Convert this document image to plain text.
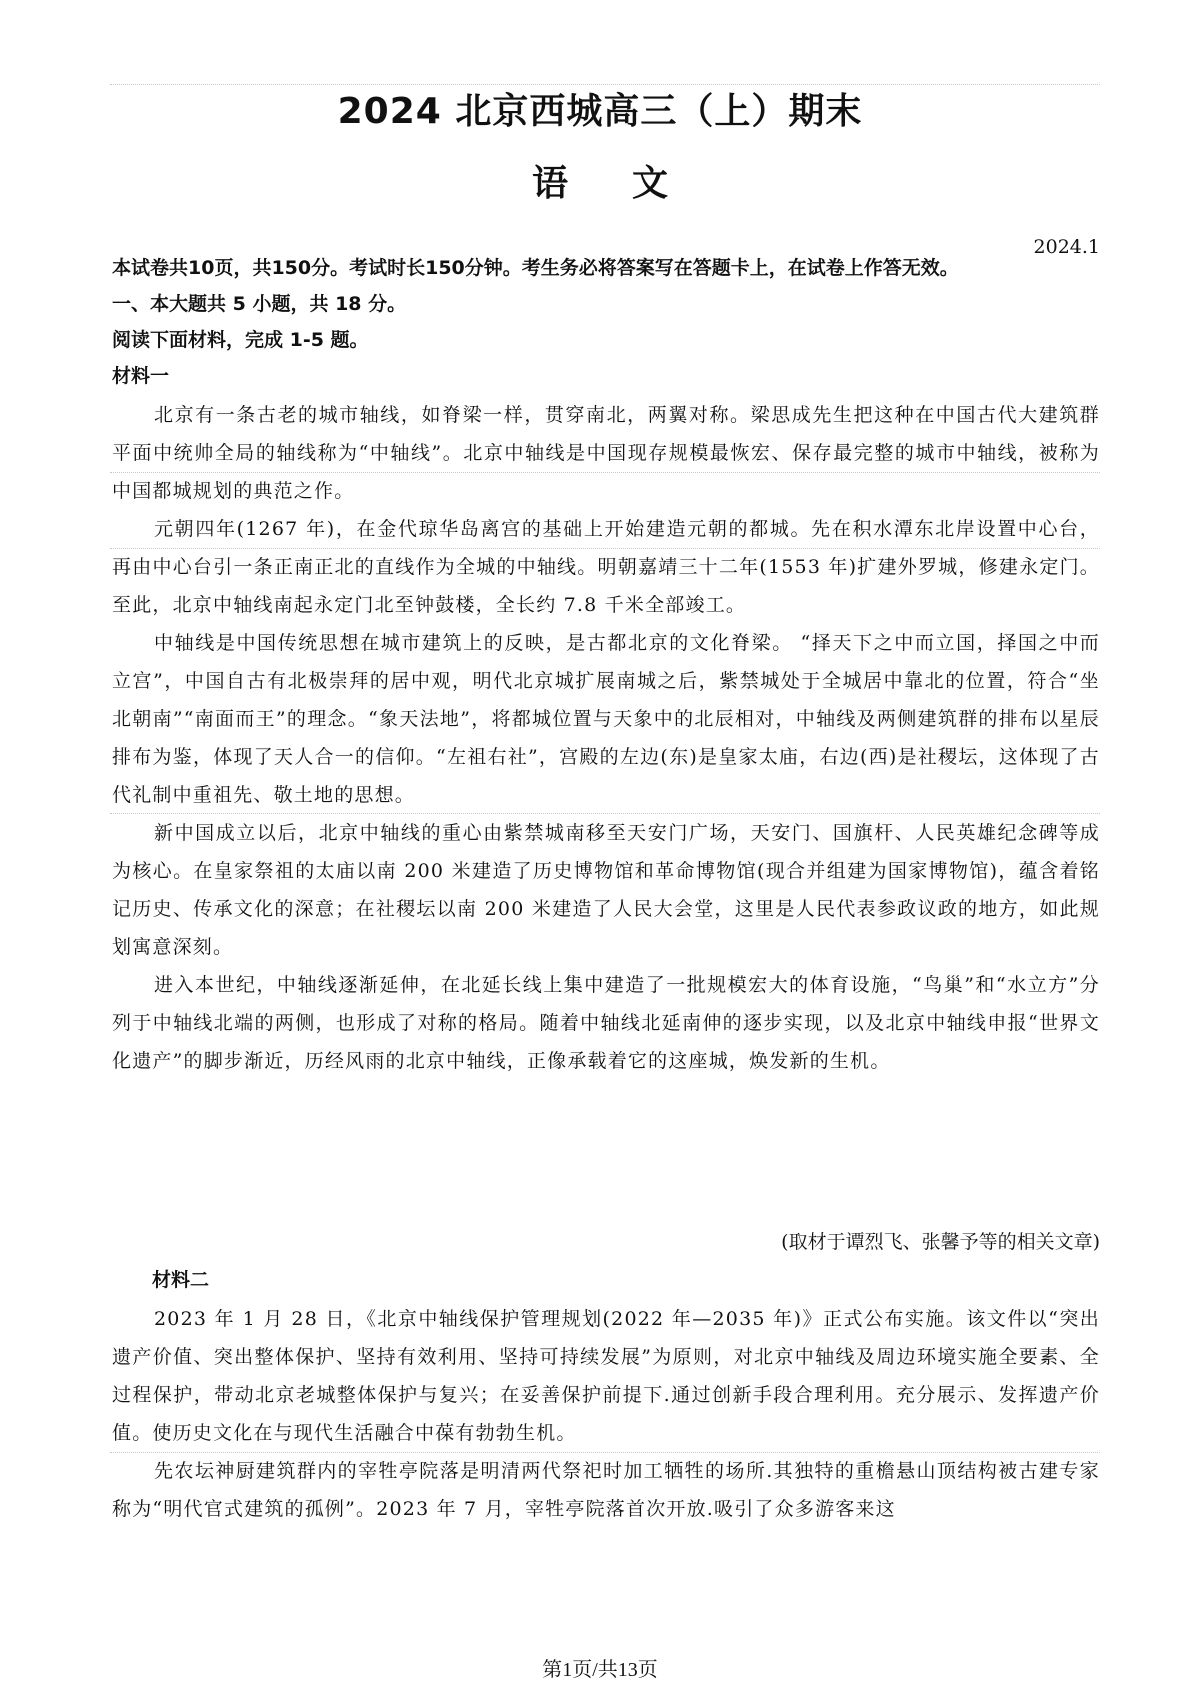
2024 北京西城高三（上）期末
语文
2024.1
本试卷共10页，共150分。考试时长150分钟。考生务必将答案写在答题卡上，在试卷上作答无效。
一、本大题共 5 小题，共 18 分。
阅读下面材料，完成 1-5 题。
材料一
北京有一条古老的城市轴线，如脊梁一样，贯穿南北，两翼对称。梁思成先生把这种在中国古代大建筑群平面中统帅全局的轴线称为“中轴线”。北京中轴线是中国现存规模最恢宏、保存最完整的城市中轴线，被称为中国都城规划的典范之作。
元朝四年(1267 年)，在金代琼华岛离宫的基础上开始建造元朝的都城。先在积水潭东北岸设置中心台，再由中心台引一条正南正北的直线作为全城的中轴线。明朝嘉靖三十二年(1553 年)扩建外罗城，修建永定门。至此，北京中轴线南起永定门北至钟鼓楼，全长约 7.8 千米全部竣工。
中轴线是中国传统思想在城市建筑上的反映，是古都北京的文化脊梁。 “择天下之中而立国，择国之中而立宫”，中国自古有北极崇拜的居中观，明代北京城扩展南城之后，紫禁城处于全城居中靠北的位置，符合“坐北朝南”“南面而王”的理念。“象天法地”，将都城位置与天象中的北辰相对，中轴线及两侧建筑群的排布以星辰排布为鉴，体现了天人合一的信仰。“左祖右社”，宫殿的左边(东)是皇家太庙，右边(西)是社稷坛，这体现了古代礼制中重祖先、敬土地的思想。
新中国成立以后，北京中轴线的重心由紫禁城南移至天安门广场，天安门、国旗杆、人民英雄纪念碑等成为核心。在皇家祭祖的太庙以南 200 米建造了历史博物馆和革命博物馆(现合并组建为国家博物馆)，蕴含着铭记历史、传承文化的深意；在社稷坛以南 200 米建造了人民大会堂，这里是人民代表参政议政的地方，如此规划寓意深刻。
进入本世纪，中轴线逐渐延伸，在北延长线上集中建造了一批规模宏大的体育设施，“鸟巢”和“水立方”分列于中轴线北端的两侧，也形成了对称的格局。随着中轴线北延南伸的逐步实现，以及北京中轴线申报“世界文化遗产”的脚步渐近，历经风雨的北京中轴线，正像承载着它的这座城，焕发新的生机。
(取材于谭烈飞、张馨予等的相关文章)
材料二
2023 年 1 月 28 日，《北京中轴线保护管理规划(2022 年—2035 年)》正式公布实施。该文件以“突出遗产价值、突出整体保护、坚持有效利用、坚持可持续发展”为原则，对北京中轴线及周边环境实施全要素、全过程保护，带动北京老城整体保护与复兴；在妥善保护前提下.通过创新手段合理利用。充分展示、发挥遗产价值。使历史文化在与现代生活融合中葆有勃勃生机。
先农坛神厨建筑群内的宰牲亭院落是明清两代祭祀时加工牺牲的场所.其独特的重檐悬山顶结构被古建专家称为“明代官式建筑的孤例”。2023 年 7 月，宰牲亭院落首次开放.吸引了众多游客来这
第1页/共13页
